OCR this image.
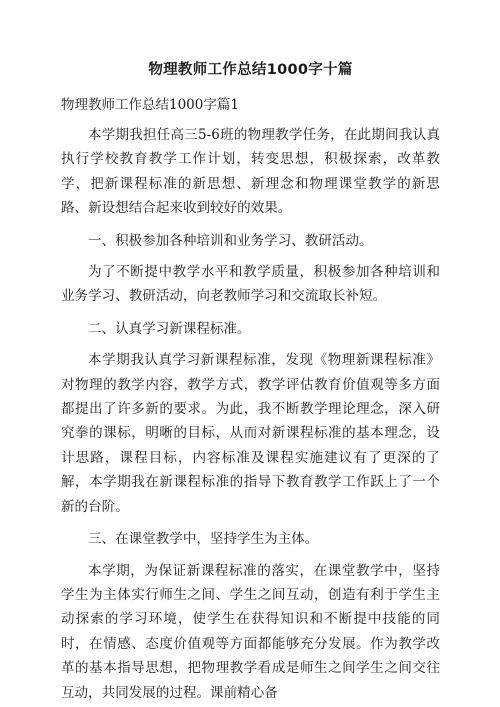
物理教师工作总结1000字十篇
物理教师工作总结1000字篇1

本学期我担任高三5-6班的物理教学任务，在此期间我认真执行学校教育教学工作计划，转变思想，积极探索，改革教学，把新课程标准的新思想、新理念和物理课堂教学的新思路、新设想结合起来收到较好的效果。

一、积极参加各种培训和业务学习、教研活动。

为了不断提中教学水平和教学质量，积极参加各种培训和业务学习、教研活动，向老教师学习和交流取长补短。

二、认真学习新课程标准。

本学期我认真学习新课程标准，发现《物理新课程标准》对物理的教学内容，教学方式，教学评估教育价值观等多方面都提出了许多新的要求。为此，我不断教学理论理念，深入研究拳的课标，明晰的目标，从而对新课程标准的基本理念，设计思路，课程目标，内容标准及课程实施建议有了更深的了解，本学期我在新课程标准的指导下教育教学工作跃上了一个新的台阶。

三、在课堂教学中，坚持学生为主体。

本学期，为保证新课程标准的落实，在课堂教学中，坚持学生为主体实行师生之间、学生之间互动，创造有利于学生主动探索的学习环境，使学生在获得知识和不断提中技能的同时，在情感、态度价值观等方面都能够充分发展。作为教学改革的基本指导思想，把物理教学看成是师生之间学生之间交往互动，共同发展的过程。课前精心备
